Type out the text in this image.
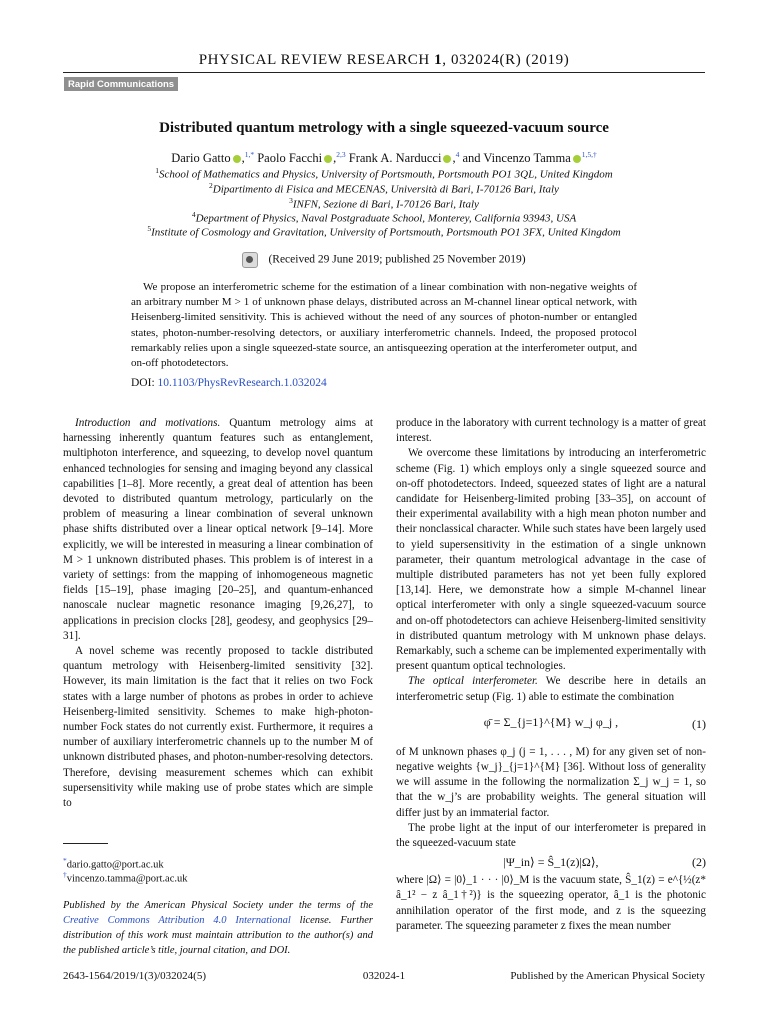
PHYSICAL REVIEW RESEARCH 1, 032024(R) (2019)
Rapid Communications
Distributed quantum metrology with a single squeezed-vacuum source
Dario Gatto ,$^{1,*}$ Paolo Facchi ,$^{2,3}$ Frank A. Narducci ,$^4$ and Vincenzo Tamma $^{1,5,\dagger}$
$^1$School of Mathematics and Physics, University of Portsmouth, Portsmouth PO1 3QL, United Kingdom
$^2$Dipartimento di Fisica and MECENAS, Università di Bari, I-70126 Bari, Italy
$^3$INFN, Sezione di Bari, I-70126 Bari, Italy
$^4$Department of Physics, Naval Postgraduate School, Monterey, California 93943, USA
$^5$Institute of Cosmology and Gravitation, University of Portsmouth, Portsmouth PO1 3FX, United Kingdom
(Received 29 June 2019; published 25 November 2019)
We propose an interferometric scheme for the estimation of a linear combination with non-negative weights of an arbitrary number M > 1 of unknown phase delays, distributed across an M-channel linear optical network, with Heisenberg-limited sensitivity. This is achieved without the need of any sources of photon-number or entangled states, photon-number-resolving detectors, or auxiliary interferometric channels. Indeed, the proposed protocol remarkably relies upon a single squeezed-state source, an antisqueezing operation at the interferometer output, and on-off photodetectors.
DOI: 10.1103/PhysRevResearch.1.032024

Introduction and motivations. Quantum metrology aims at harnessing inherently quantum features such as entanglement, multiphoton interference, and squeezing, to develop novel quantum enhanced technologies for sensing and imaging beyond any classical capabilities [1–8]. More recently, a great deal of attention has been devoted to distributed quantum metrology, particularly on the problem of measuring a linear combination of several unknown phase shifts distributed over a linear optical network [9–14]. More explicitly, we will be interested in measuring a linear combination of M > 1 unknown distributed phases. This problem is of interest in a variety of settings: from the mapping of inhomogeneous magnetic fields [15–19], phase imaging [20–25], and quantum-enhanced nanoscale nuclear magnetic resonance imaging [9,26,27], to applications in precision clocks [28], geodesy, and geophysics [29–31].

A novel scheme was recently proposed to tackle distributed quantum metrology with Heisenberg-limited sensitivity [32]. However, its main limitation is the fact that it relies on two Fock states with a large number of photons as probes in order to achieve Heisenberg-limited sensitivity. Schemes to make high-photon-number Fock states do not currently exist. Furthermore, it requires a number of auxiliary interferometric channels up to the number M of unknown distributed phases, and photon-number-resolving detectors. Therefore, devising measurement schemes which can exhibit supersensitivity while making use of probe states which are simple to

*dario.gatto@port.ac.uk
†vincenzo.tamma@port.ac.uk
Published by the American Physical Society under the terms of the Creative Commons Attribution 4.0 International license. Further distribution of this work must maintain attribution to the author(s) and the published article’s title, journal citation, and DOI.

produce in the laboratory with current technology is a matter of great interest.

We overcome these limitations by introducing an interferometric scheme (Fig. 1) which employs only a single squeezed source and on-off photodetectors. Indeed, squeezed states of light are a natural candidate for Heisenberg-limited probing [33–35], on account of their experimental availability with a high mean photon number and their nonclassical character. While such states have been largely used to yield supersensitivity in the estimation of a single unknown parameter, their quantum metrological advantage in the case of multiple distributed parameters has not yet been fully explored [13,14]. Here, we demonstrate how a simple M-channel linear optical interferometer with only a single squeezed-vacuum source and on-off photodetectors can achieve Heisenberg-limited sensitivity in distributed quantum metrology with M unknown phase delays. Remarkably, such a scheme can be implemented experimentally with present quantum optical technologies.

The optical interferometer. We describe here in details an interferometric setup (Fig. 1) able to estimate the combination

φ̄ = Σ_{j=1}^{M} w_j φ_j ,	(1)

of M unknown phases φ_j (j = 1, . . . , M) for any given set of non-negative weights {w_j}_{j=1}^{M} [36]. Without loss of generality we will assume in the following the normalization Σ_j w_j = 1, so that the w_j’s are probability weights. The general situation will differ just by an immaterial factor.

The probe light at the input of our interferometer is prepared in the squeezed-vacuum state

|Ψ_in⟩ = Ŝ_1(z)|Ω⟩,	(2)

where |Ω⟩ = |0⟩_1 · · · |0⟩_M is the vacuum state, Ŝ_1(z) = e^{½(z* â_1² − z â_1†²)} is the squeezing operator, â_1 is the photonic annihilation operator of the first mode, and z is the squeezing parameter. The squeezing parameter z fixes the mean number

2643-1564/2019/1(3)/032024(5)	032024-1	Published by the American Physical Society
